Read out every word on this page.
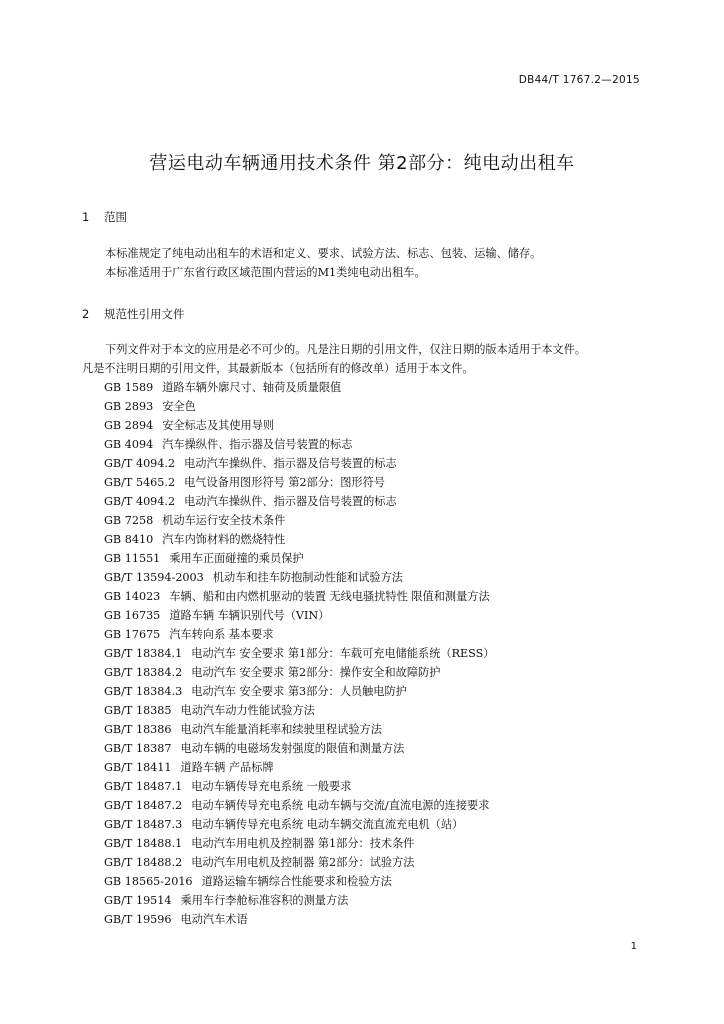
DB44/T 1767.2—2015
营运电动车辆通用技术条件 第2部分：纯电动出租车
1 范围

本标准规定了纯电动出租车的术语和定义、要求、试验方法、标志、包装、运输、储存。

本标准适用于广东省行政区域范围内营运的M1类纯电动出租车。

2 规范性引用文件

下列文件对于本文的应用是必不可少的。凡是注日期的引用文件，仅注日期的版本适用于本文件。

凡是不注明日期的引用文件，其最新版本（包括所有的修改单）适用于本文件。

GB 1589 道路车辆外廓尺寸、轴荷及质量限值
GB 2893 安全色
GB 2894 安全标志及其使用导则
GB 4094 汽车操纵件、指示器及信号装置的标志
GB/T 4094.2 电动汽车操纵件、指示器及信号装置的标志
GB/T 5465.2 电气设备用图形符号 第2部分：图形符号
GB/T 4094.2 电动汽车操纵件、指示器及信号装置的标志
GB 7258 机动车运行安全技术条件
GB 8410 汽车内饰材料的燃烧特性
GB 11551 乘用车正面碰撞的乘员保护
GB/T 13594-2003 机动车和挂车防抱制动性能和试验方法
GB 14023 车辆、船和由内燃机驱动的装置 无线电骚扰特性 限值和测量方法
GB 16735 道路车辆 车辆识别代号（VIN）
GB 17675 汽车转向系 基本要求
GB/T 18384.1 电动汽车 安全要求 第1部分：车载可充电储能系统（RESS）
GB/T 18384.2 电动汽车 安全要求 第2部分：操作安全和故障防护
GB/T 18384.3 电动汽车 安全要求 第3部分：人员触电防护
GB/T 18385 电动汽车动力性能试验方法
GB/T 18386 电动汽车能量消耗率和续驶里程试验方法
GB/T 18387 电动车辆的电磁场发射强度的限值和测量方法
GB/T 18411 道路车辆 产品标牌
GB/T 18487.1 电动车辆传导充电系统 一般要求
GB/T 18487.2 电动车辆传导充电系统 电动车辆与交流/直流电源的连接要求
GB/T 18487.3 电动车辆传导充电系统 电动车辆交流直流充电机（站）
GB/T 18488.1 电动汽车用电机及控制器 第1部分：技术条件
GB/T 18488.2 电动汽车用电机及控制器 第2部分：试验方法
GB 18565-2016 道路运输车辆综合性能要求和检验方法
GB/T 19514 乘用车行李舱标准容积的测量方法
GB/T 19596 电动汽车术语
1
